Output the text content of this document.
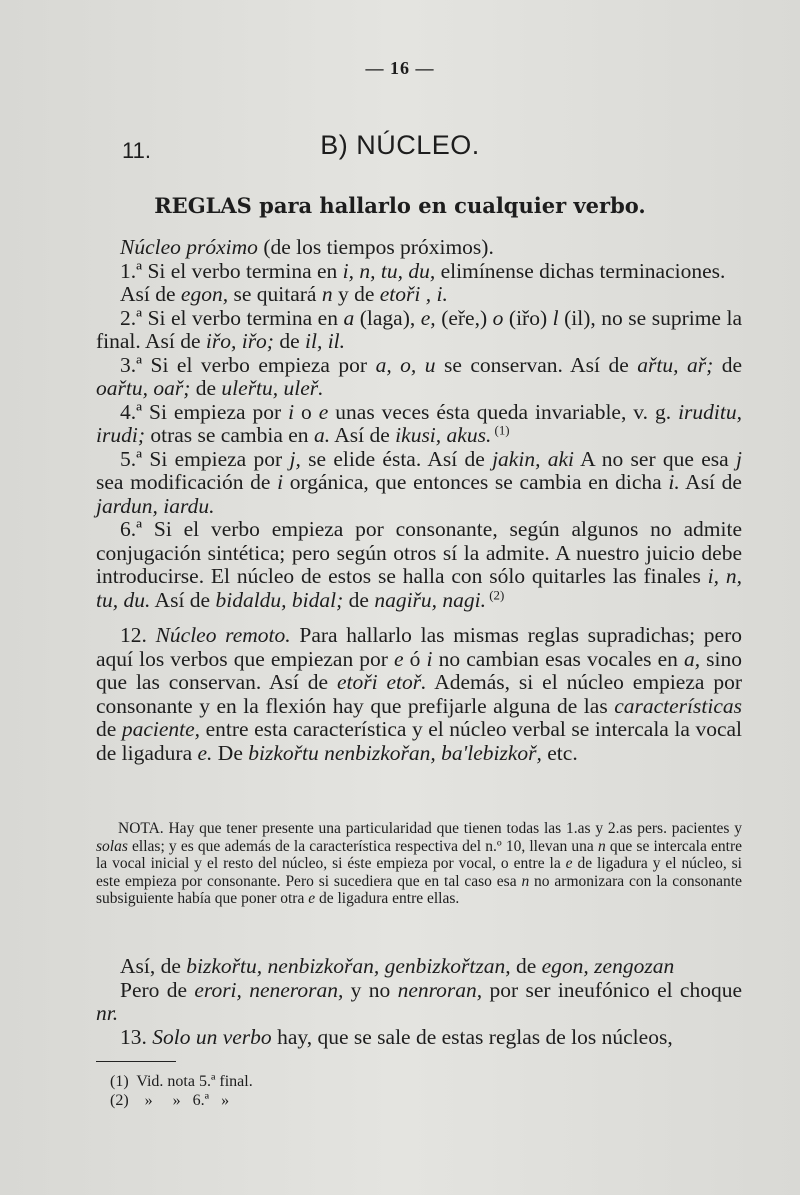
— 16 —
11.	B) NÚCLEO.
REGLAS para hallarlo en cualquier verbo.

Núcleo próximo (de los tiempos próximos).

1.ª Si el verbo termina en i, n, tu, du, elimínense dichas terminaciones.

Así de egon, se quitará n y de etoři , i.

2.ª Si el verbo termina en a (laga), e, (eře,) o (iřo) l (il), no se suprime la final. Así de iřo, iřo; de il, il.

3.ª Si el verbo empieza por a, o, u se conservan. Así de ařtu, ař; de oařtu, oař; de uleřtu, uleř.

4.ª Si empieza por i o e unas veces ésta queda invariable, v. g. iruditu, irudi; otras se cambia en a. Así de ikusi, akus. $^{(1)}$

5.ª Si empieza por j, se elide ésta. Así de jakin, aki A no ser que esa j sea modificación de i orgánica, que entonces se cambia en dicha i. Así de jardun, iardu.

6.ª Si el verbo empieza por consonante, según algunos no admite conjugación sintética; pero según otros sí la admite. A nuestro juicio debe introducirse. El núcleo de estos se halla con sólo quitarles las finales i, n, tu, du. Así de bidaldu, bidal; de nagiřu, nagi. $^{(2)}$

12. Núcleo remoto. Para hallarlo las mismas reglas supradichas; pero aquí los verbos que empiezan por e ó i no cambian esas vocales en a, sino que las conservan. Así de etoři etoř. Además, si el núcleo empieza por consonante y en la flexión hay que prefijarle alguna de las características de paciente, entre esta característica y el núcleo verbal se intercala la vocal de ligadura e. De bizkořtu nenbizkořan, ba'lebizkoř, etc.

NOTA. Hay que tener presente una particularidad que tienen todas las 1.as y 2.as pers. pacientes y solas ellas; y es que además de la característica respectiva del n.º 10, llevan una n que se intercala entre la vocal inicial y el resto del núcleo, si éste empieza por vocal, o entre la e de ligadura y el núcleo, si este empieza por consonante. Pero si sucediera que en tal caso esa n no armonizara con la consonante subsiguiente había que poner otra e de ligadura entre ellas.

Así, de bizkořtu, nenbizkořan, genbizkořtzan, de egon, zengozan

Pero de erori, neneroran, y no nenroran, por ser ineufónico el choque nr.

13. Solo un verbo hay, que se sale de estas reglas de los núcleos,

(1)  Vid. nota 5.ª final.
(2)    »     »   6.ª   »
